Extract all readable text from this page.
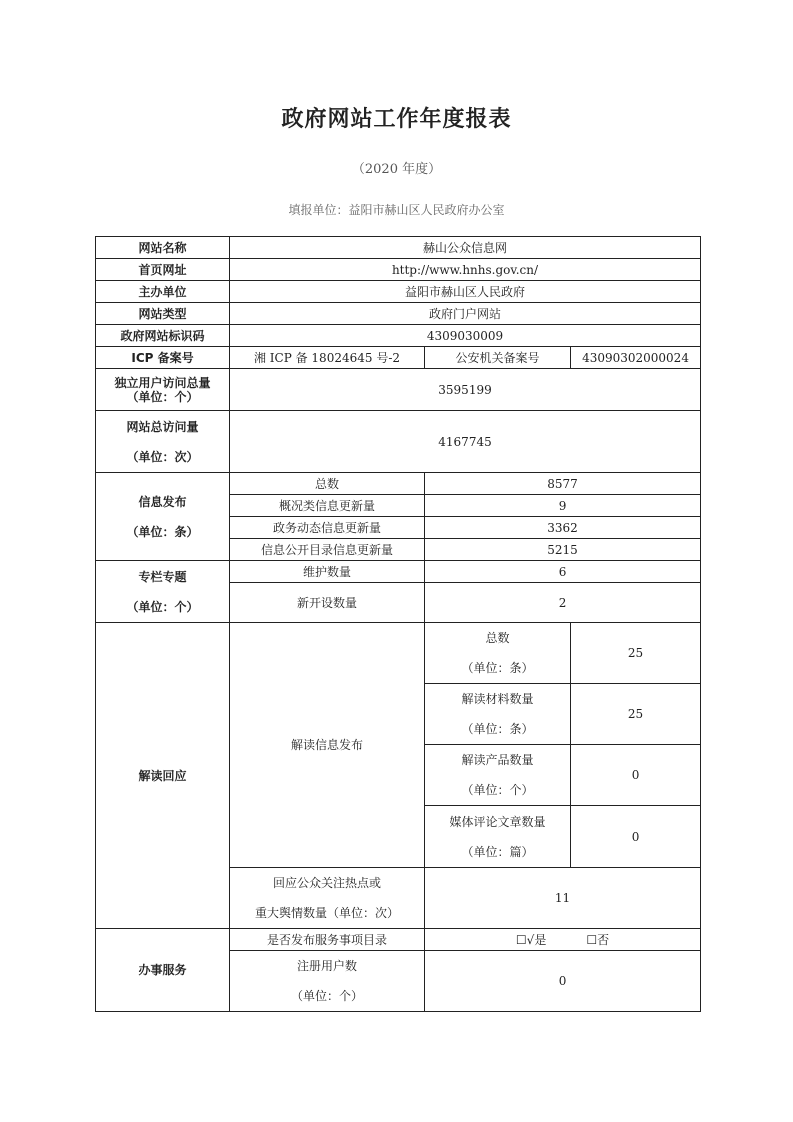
政府网站工作年度报表
（2020 年度）
填报单位：益阳市赫山区人民政府办公室
网站名称	赫山公众信息网		
首页网址	http://www.hnhs.gov.cn/		
主办单位	益阳市赫山区人民政府		
网站类型	政府门户网站		
政府网站标识码	4309030009		
ICP 备案号	湘 ICP 备 18024645 号-2	公安机关备案号	43090302000024

独立用户访问总量
（单位：个）	3595199		

网站总访问量
（单位：次）	4167745		

信息发布
（单位：条）	总数	8577	
	概况类信息更新量	9	
	政务动态信息更新量	3362	
	信息公开目录信息更新量	5215	

专栏专题
（单位：个）	维护数量	6	
	新开设数量	2	
解读回应	解读信息发布	总数
（单位：条）	25

		解读材料数量
（单位：条）	25

		解读产品数量
（单位：个）	0

		媒体评论文章数量
（单位：篇）	0

	回应公众关注热点或
重大舆情数量（单位：次）	11	
办事服务	是否发布服务事项目录	☐√是 ☐否	

	注册用户数
（单位：个）	0	
